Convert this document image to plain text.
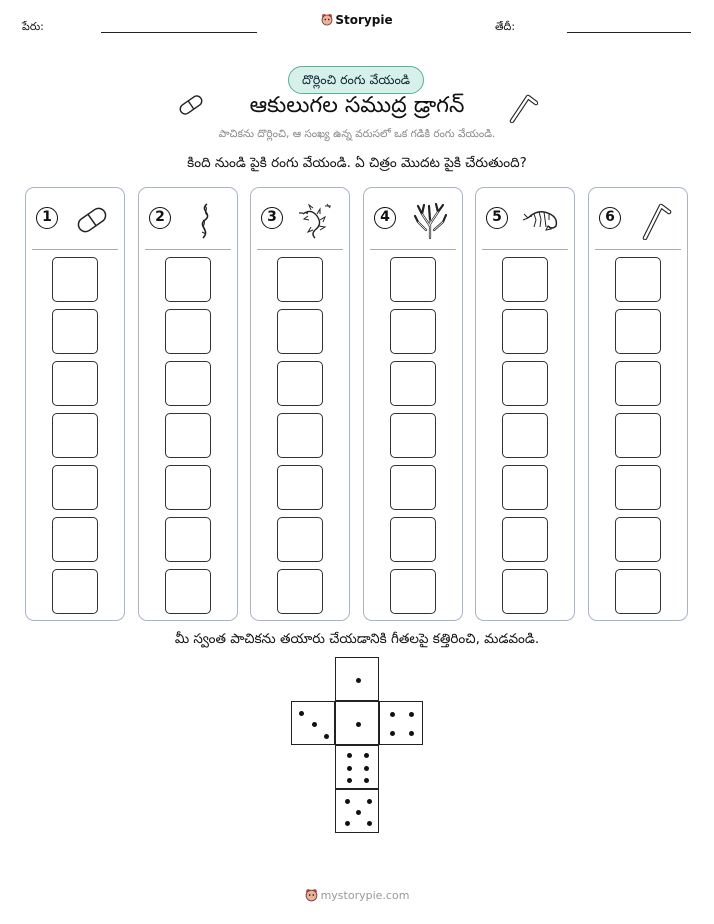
పేరు:	Storypie	తేదీ:
దొర్లించి రంగు వేయండి
ఆకులుగల సముద్ర డ్రాగన్
పాచికను దొర్లించి, ఆ సంఖ్య ఉన్న వరుసలో ఒక గడికి రంగు వేయండి.
కింది నుండి పైకి రంగు వేయండి. ఏ చిత్రం మొదట పైకి చేరుతుంది?
1	2	3	4	5	6
మీ స్వంత పాచికను తయారు చేయడానికి గీతలపై కత్తిరించి, మడవండి.
mystorypie.com
